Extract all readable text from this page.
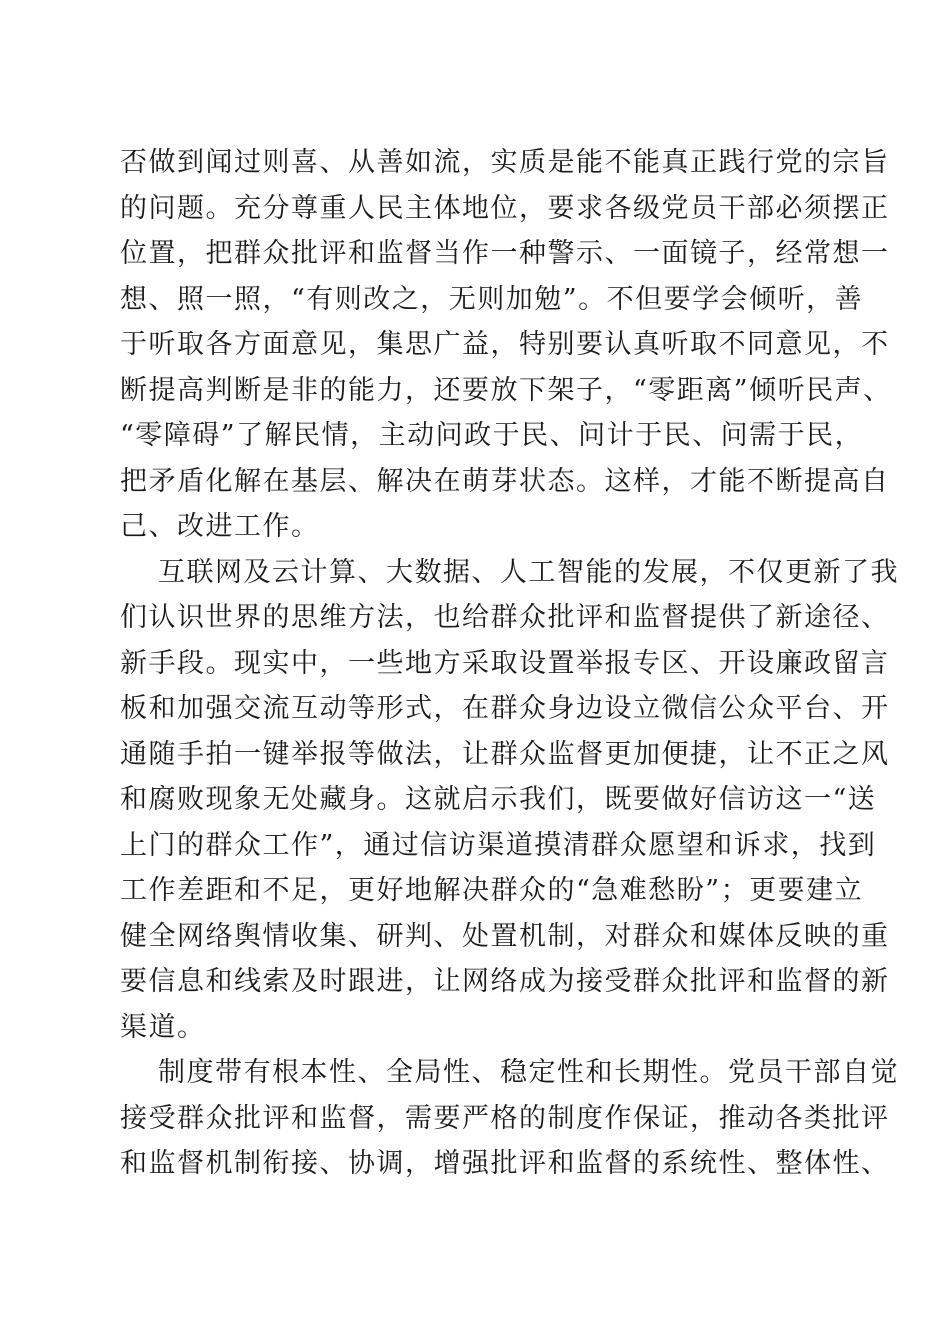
否做到闻过则喜、从善如流，实质是能不能真正践行党的宗旨

的问题。充分尊重人民主体地位，要求各级党员干部必须摆正

位置，把群众批评和监督当作一种警示、一面镜子，经常想一

想、照一照，“有则改之，无则加勉”。不但要学会倾听，善

于听取各方面意见，集思广益，特别要认真听取不同意见，不

断提高判断是非的能力，还要放下架子，“零距离”倾听民声、

“零障碍”了解民情，主动问政于民、问计于民、问需于民，

把矛盾化解在基层、解决在萌芽状态。这样，才能不断提高自

己、改进工作。

互联网及云计算、大数据、人工智能的发展，不仅更新了我

们认识世界的思维方法，也给群众批评和监督提供了新途径、

新手段。现实中，一些地方采取设置举报专区、开设廉政留言

板和加强交流互动等形式，在群众身边设立微信公众平台、开

通随手拍一键举报等做法，让群众监督更加便捷，让不正之风

和腐败现象无处藏身。这就启示我们，既要做好信访这一“送

上门的群众工作”，通过信访渠道摸清群众愿望和诉求，找到

工作差距和不足，更好地解决群众的“急难愁盼”；更要建立

健全网络舆情收集、研判、处置机制，对群众和媒体反映的重

要信息和线索及时跟进，让网络成为接受群众批评和监督的新

渠道。

制度带有根本性、全局性、稳定性和长期性。党员干部自觉

接受群众批评和监督，需要严格的制度作保证，推动各类批评

和监督机制衔接、协调，增强批评和监督的系统性、整体性、
